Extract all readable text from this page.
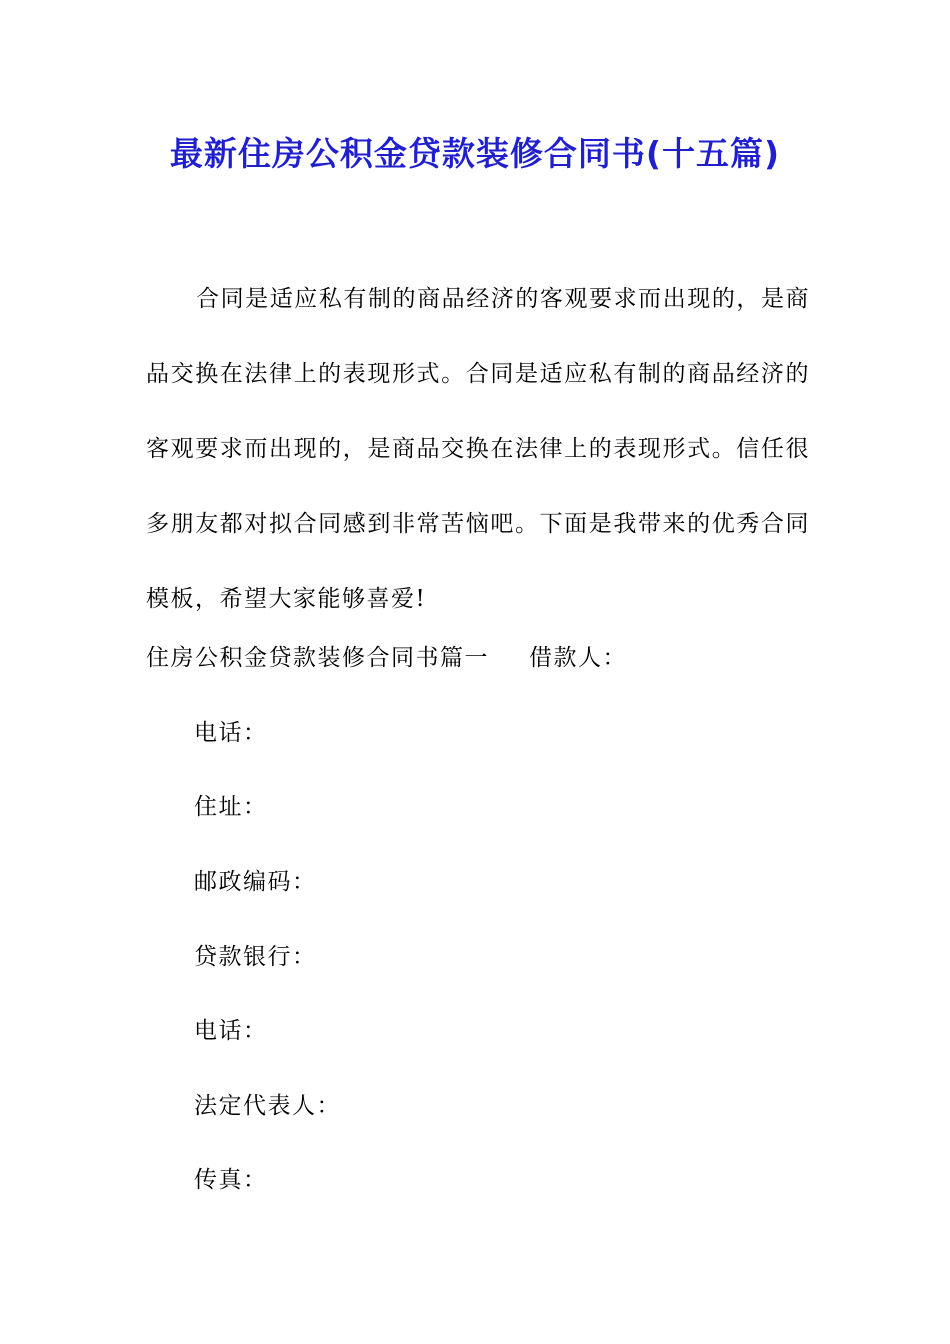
最新住房公积金贷款装修合同书(十五篇)

合同是适应私有制的商品经济的客观要求而出现的，是商品交换在法律上的表现形式。合同是适应私有制的商品经济的客观要求而出现的，是商品交换在法律上的表现形式。信任很多朋友都对拟合同感到非常苦恼吧。下面是我带来的优秀合同模板，希望大家能够喜爱!

住房公积金贷款装修合同书篇一 借款人：

电话：

住址：

邮政编码：

贷款银行：

电话：

法定代表人：

传真：
